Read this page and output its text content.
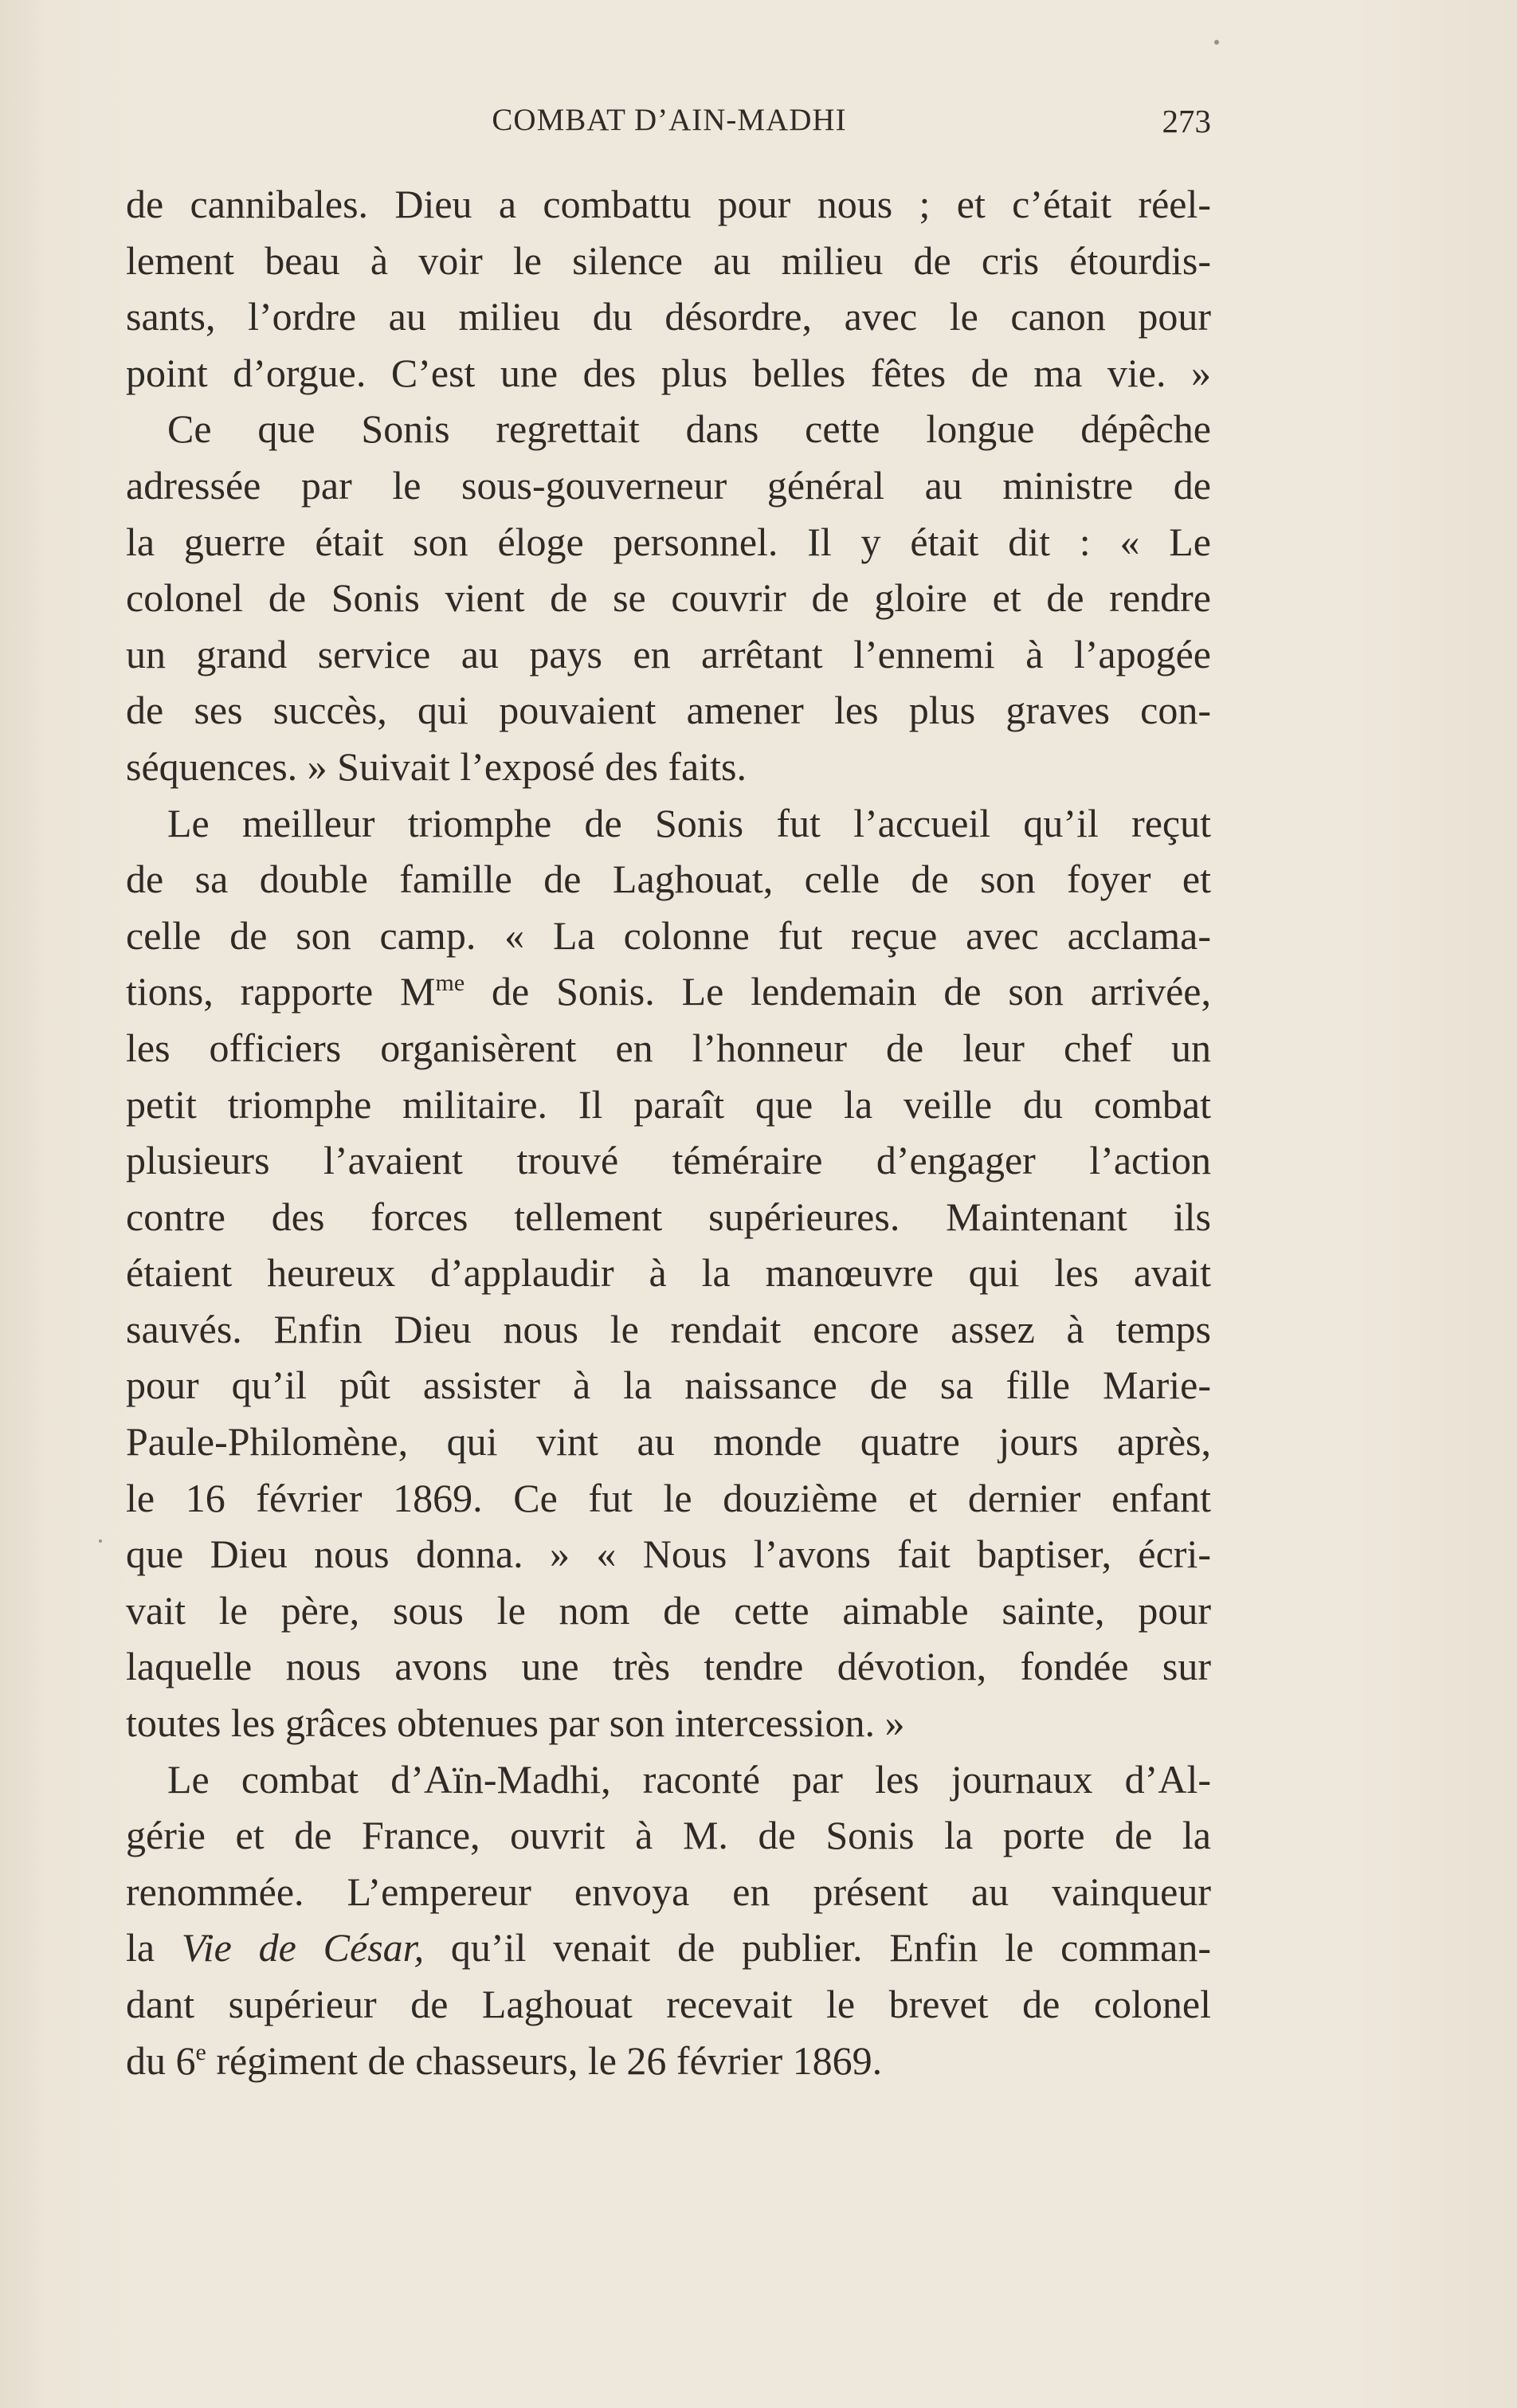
COMBAT D’AIN-MADHI	273
de cannibales. Dieu a combattu pour nous ; et c’était réel-
lement beau à voir le silence au milieu de cris étourdis-
sants, l’ordre au milieu du désordre, avec le canon pour
point d’orgue. C’est une des plus belles fêtes de ma vie. »
Ce que Sonis regrettait dans cette longue dépêche
adressée par le sous-gouverneur général au ministre de
la guerre était son éloge personnel. Il y était dit : « Le
colonel de Sonis vient de se couvrir de gloire et de rendre
un grand service au pays en arrêtant l’ennemi à l’apogée
de ses succès, qui pouvaient amener les plus graves con-
séquences. » Suivait l’exposé des faits.
Le meilleur triomphe de Sonis fut l’accueil qu’il reçut
de sa double famille de Laghouat, celle de son foyer et
celle de son camp. « La colonne fut reçue avec acclama-
tions, rapporte $M^{me}$ de Sonis. Le lendemain de son arrivée,
les officiers organisèrent en l’honneur de leur chef un
petit triomphe militaire. Il paraît que la veille du combat
plusieurs l’avaient trouvé téméraire d’engager l’action
contre des forces tellement supérieures. Maintenant ils
étaient heureux d’applaudir à la manœuvre qui les avait
sauvés. Enfin Dieu nous le rendait encore assez à temps
pour qu’il pût assister à la naissance de sa fille Marie-
Paule-Philomène, qui vint au monde quatre jours après,
le 16 février 1869. Ce fut le douzième et dernier enfant
que Dieu nous donna. » « Nous l’avons fait baptiser, écri-
vait le père, sous le nom de cette aimable sainte, pour
laquelle nous avons une très tendre dévotion, fondée sur
toutes les grâces obtenues par son intercession. »
Le combat d’Aïn-Madhi, raconté par les journaux d’Al-
gérie et de France, ouvrit à M. de Sonis la porte de la
renommée. L’empereur envoya en présent au vainqueur
la Vie de César, qu’il venait de publier. Enfin le comman-
dant supérieur de Laghouat recevait le brevet de colonel
du 6e régiment de chasseurs, le 26 février 1869.
